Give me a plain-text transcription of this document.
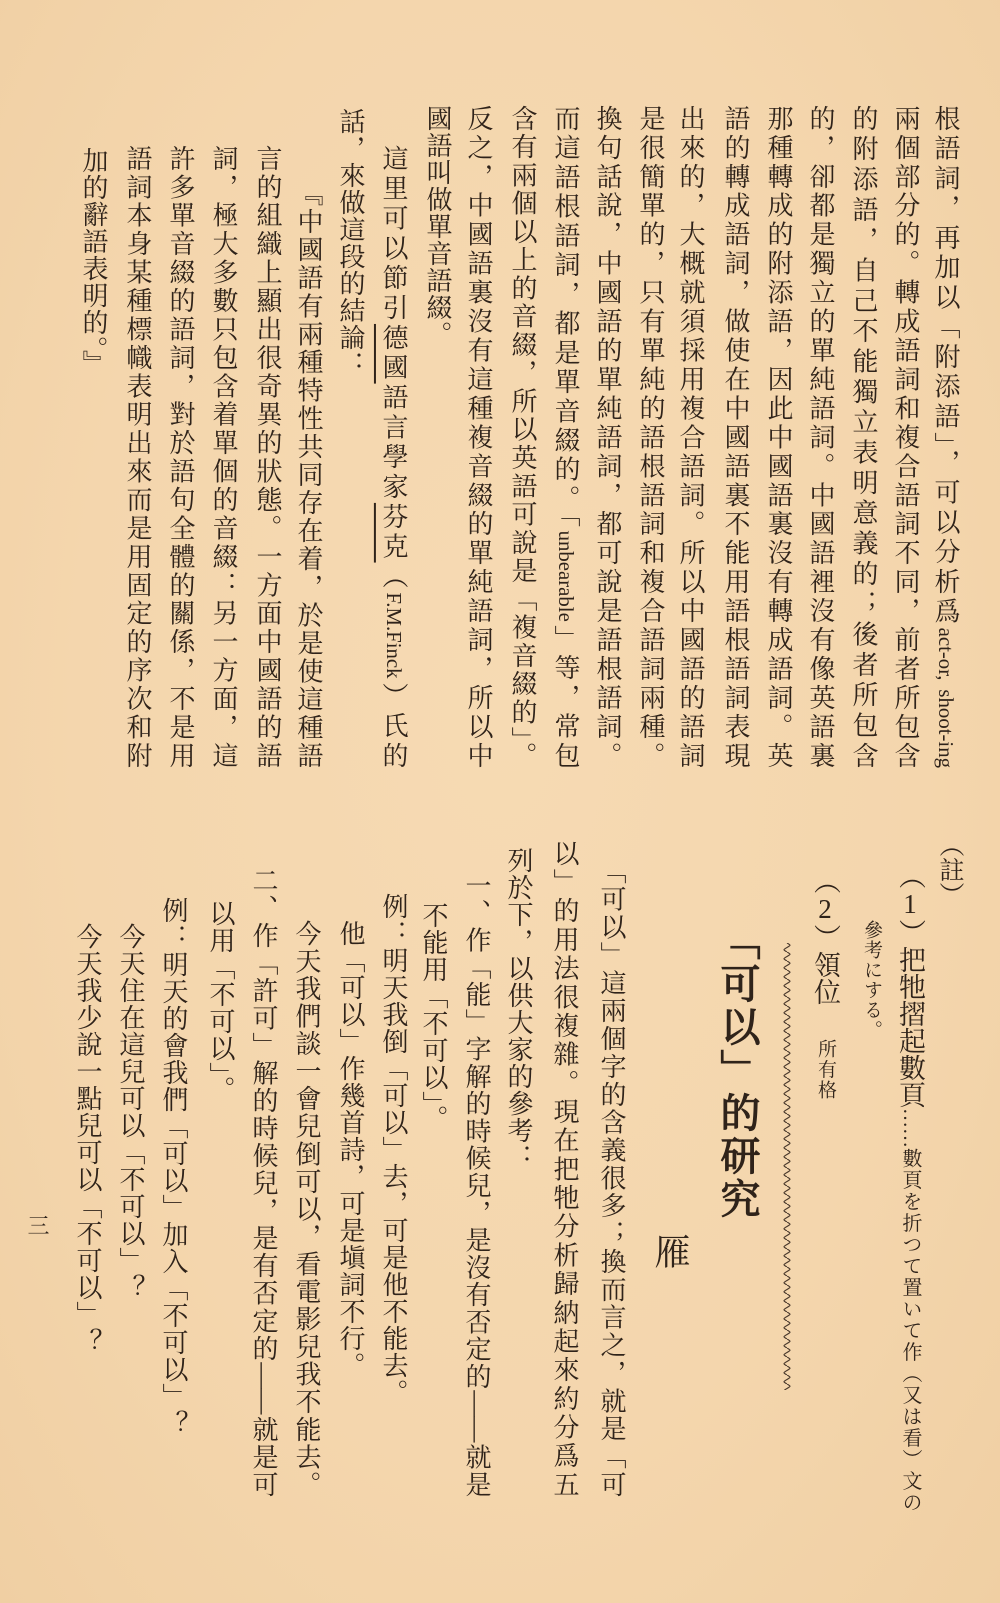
根語詞，再加以「附添語」，可以分析爲act-or, shoot-ing
兩個部分的。轉成語詞和複合語詞不同，前者所包含
的附添語，自己不能獨立表明意義的；後者所包含
的，卻都是獨立的單純語詞。中國語裡沒有像英語裏
那種轉成的附添語，因此中國語裏沒有轉成語詞。英
語的轉成語詞，做使在中國語裏不能用語根語詞表現
出來的，大概就須採用複合語詞。所以中國語的語詞
是很簡單的，只有單純的語根語詞和複合語詞兩種。
換句話說，中國語的單純語詞，都可說是語根語詞。
而這語根語詞，都是單音綴的。「unbearable」等，常包
含有兩個以上的音綴，所以英語可說是「複音綴的」。
反之，中國語裏沒有這種複音綴的單純語詞，所以中
國語叫做單音語綴。
這里可以節引德國語言學家芬克（F.M.Finck）氏的
話，來做這段的結論：
『中國語有兩種特性共同存在着，於是使這種語
言的組織上顯出很奇異的狀態。一方面中國語的語
詞，極大多數只包含着單個的音綴：另一方面，這
許多單音綴的語詞，對於語句全體的關係，不是用
語詞本身某種標幟表明出來而是用固定的序次和附
加的辭語表明的。』
（註）
（1）把牠摺起數頁……數頁を折つて置いて作（又は看）文の
參考にする。
（2）領位所有格
「可以」的研究
雁
「可以」這兩個字的含義很多；換而言之，就是「可
以」的用法很複雜。現在把牠分析歸納起來約分爲五
列於下，以供大家的參考：
一、作「能」字解的時候兒，是沒有否定的——就是
不能用「不可以」。
例：明天我倒「可以」去，可是他不能去。
他「可以」作幾首詩，可是塡詞不行。
今天我們談一會兒倒可以，看電影兒我不能去。
二、作「許可」解的時候兒，是有否定的——就是可
以用「不可以」。
例：明天的會我們「可以」加入「不可以」？
今天住在這兒可以「不可以」？
今天我少說一點兒可以「不可以」？
三
